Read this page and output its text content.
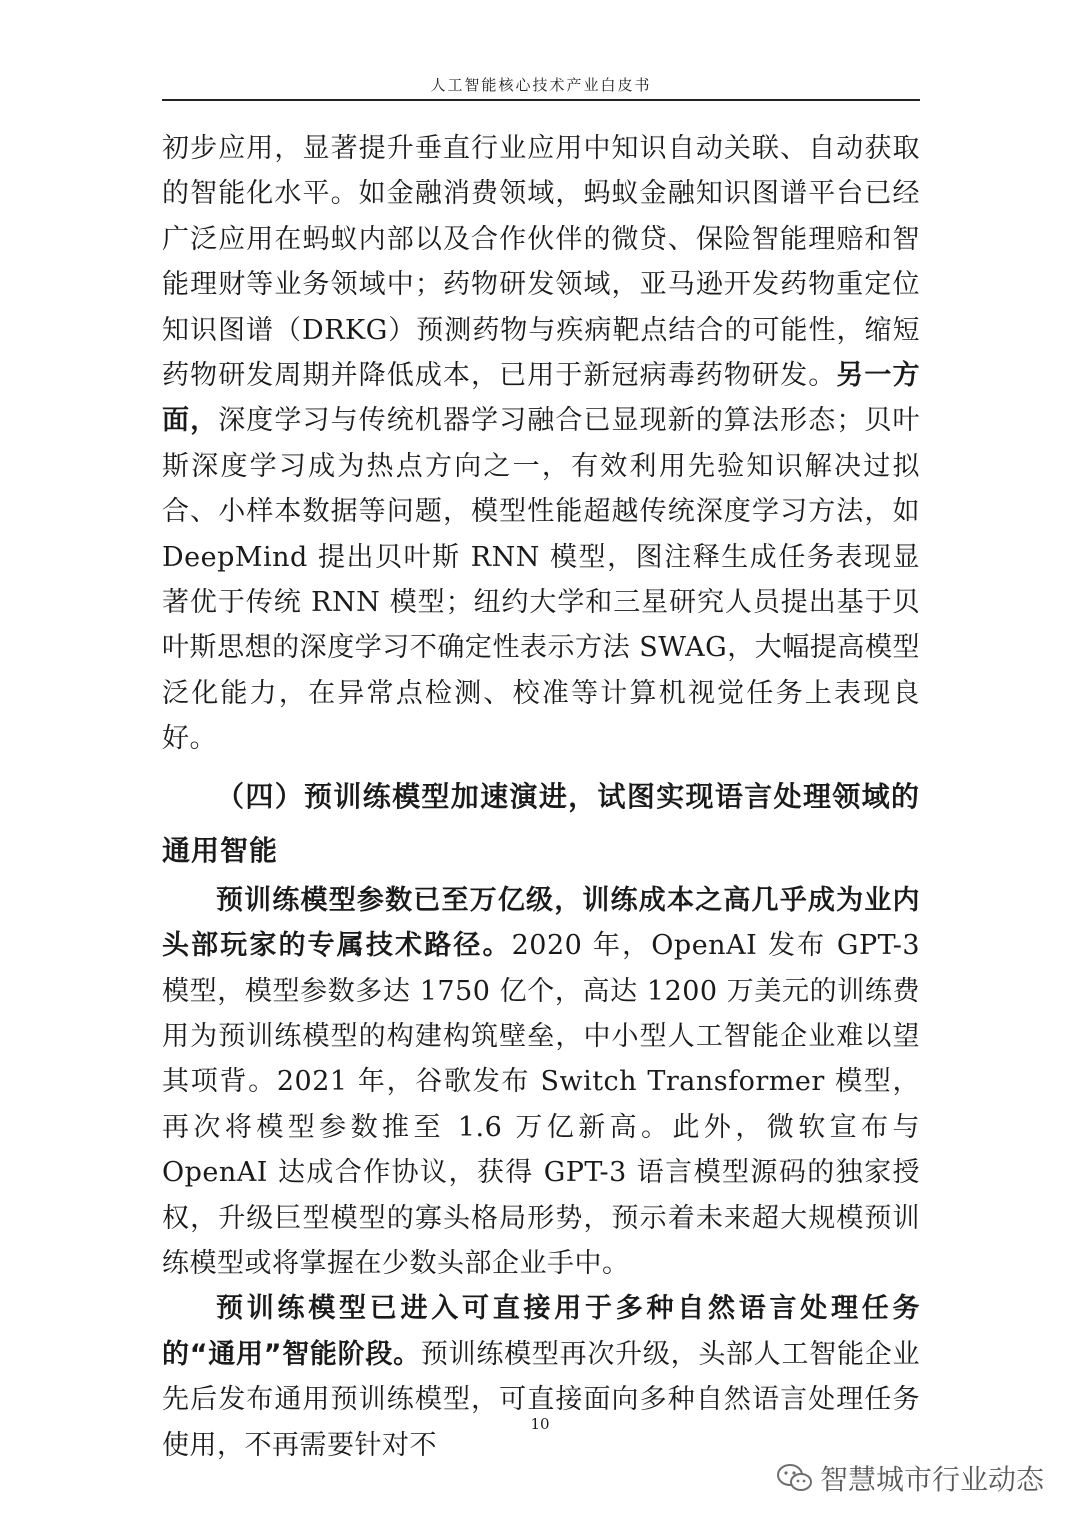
人工智能核心技术产业白皮书

初步应用，显著提升垂直行业应用中知识自动关联、自动获取的智能化水平。如金融消费领域，蚂蚁金融知识图谱平台已经广泛应用在蚂蚁内部以及合作伙伴的微贷、保险智能理赔和智能理财等业务领域中；药物研发领域，亚马逊开发药物重定位知识图谱（DRKG）预测药物与疾病靶点结合的可能性，缩短药物研发周期并降低成本，已用于新冠病毒药物研发。另一方面，深度学习与传统机器学习融合已显现新的算法形态；贝叶斯深度学习成为热点方向之一，有效利用先验知识解决过拟合、小样本数据等问题，模型性能超越传统深度学习方法，如 DeepMind 提出贝叶斯 RNN 模型，图注释生成任务表现显著优于传统 RNN 模型；纽约大学和三星研究人员提出基于贝叶斯思想的深度学习不确定性表示方法 SWAG，大幅提高模型泛化能力，在异常点检测、校准等计算机视觉任务上表现良好。

（四）预训练模型加速演进，试图实现语言处理领域的通用智能

预训练模型参数已至万亿级，训练成本之高几乎成为业内头部玩家的专属技术路径。2020 年，OpenAI 发布 GPT-3 模型，模型参数多达 1750 亿个，高达 1200 万美元的训练费用为预训练模型的构建构筑壁垒，中小型人工智能企业难以望其项背。2021 年，谷歌发布 Switch Transformer 模型，再次将模型参数推至 1.6 万亿新高。此外，微软宣布与 OpenAI 达成合作协议，获得 GPT-3 语言模型源码的独家授权，升级巨型模型的寡头格局形势，预示着未来超大规模预训练模型或将掌握在少数头部企业手中。

预训练模型已进入可直接用于多种自然语言处理任务的“通用”智能阶段。预训练模型再次升级，头部人工智能企业先后发布通用预训练模型，可直接面向多种自然语言处理任务使用，不再需要针对不

10
智慧城市行业动态
